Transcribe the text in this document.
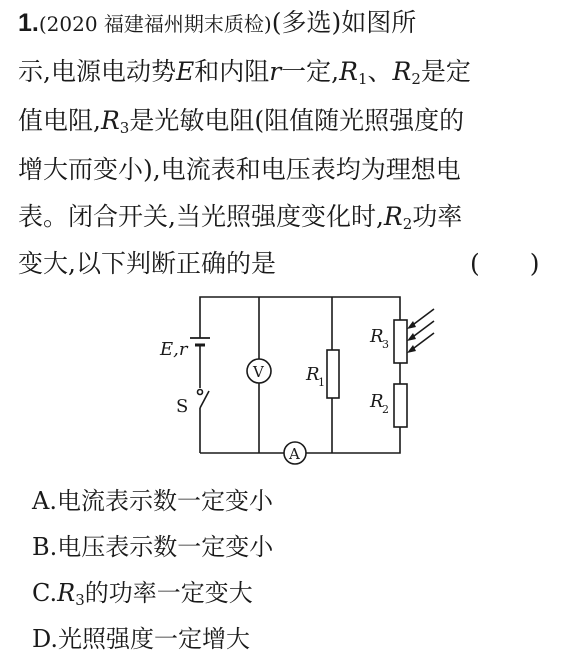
1.(2020 福建福州期末质检)(多选)如图所
示,电源电动势E和内阻r一定$,R_1$、$R_2$是定
值电阻$,R_3$是光敏电阻(阻值随光照强度的
增大而变小),电流表和电压表均为理想电
表。闭合开关,当光照强度变化时$,R_2$功率
变大,以下判断正确的是	(　　)
E,r
S
V
A
R
1
R
3
R
2
A.电流表示数一定变小
B.电压表示数一定变小
$C.R_3$的功率一定变大
D.光照强度一定增大
